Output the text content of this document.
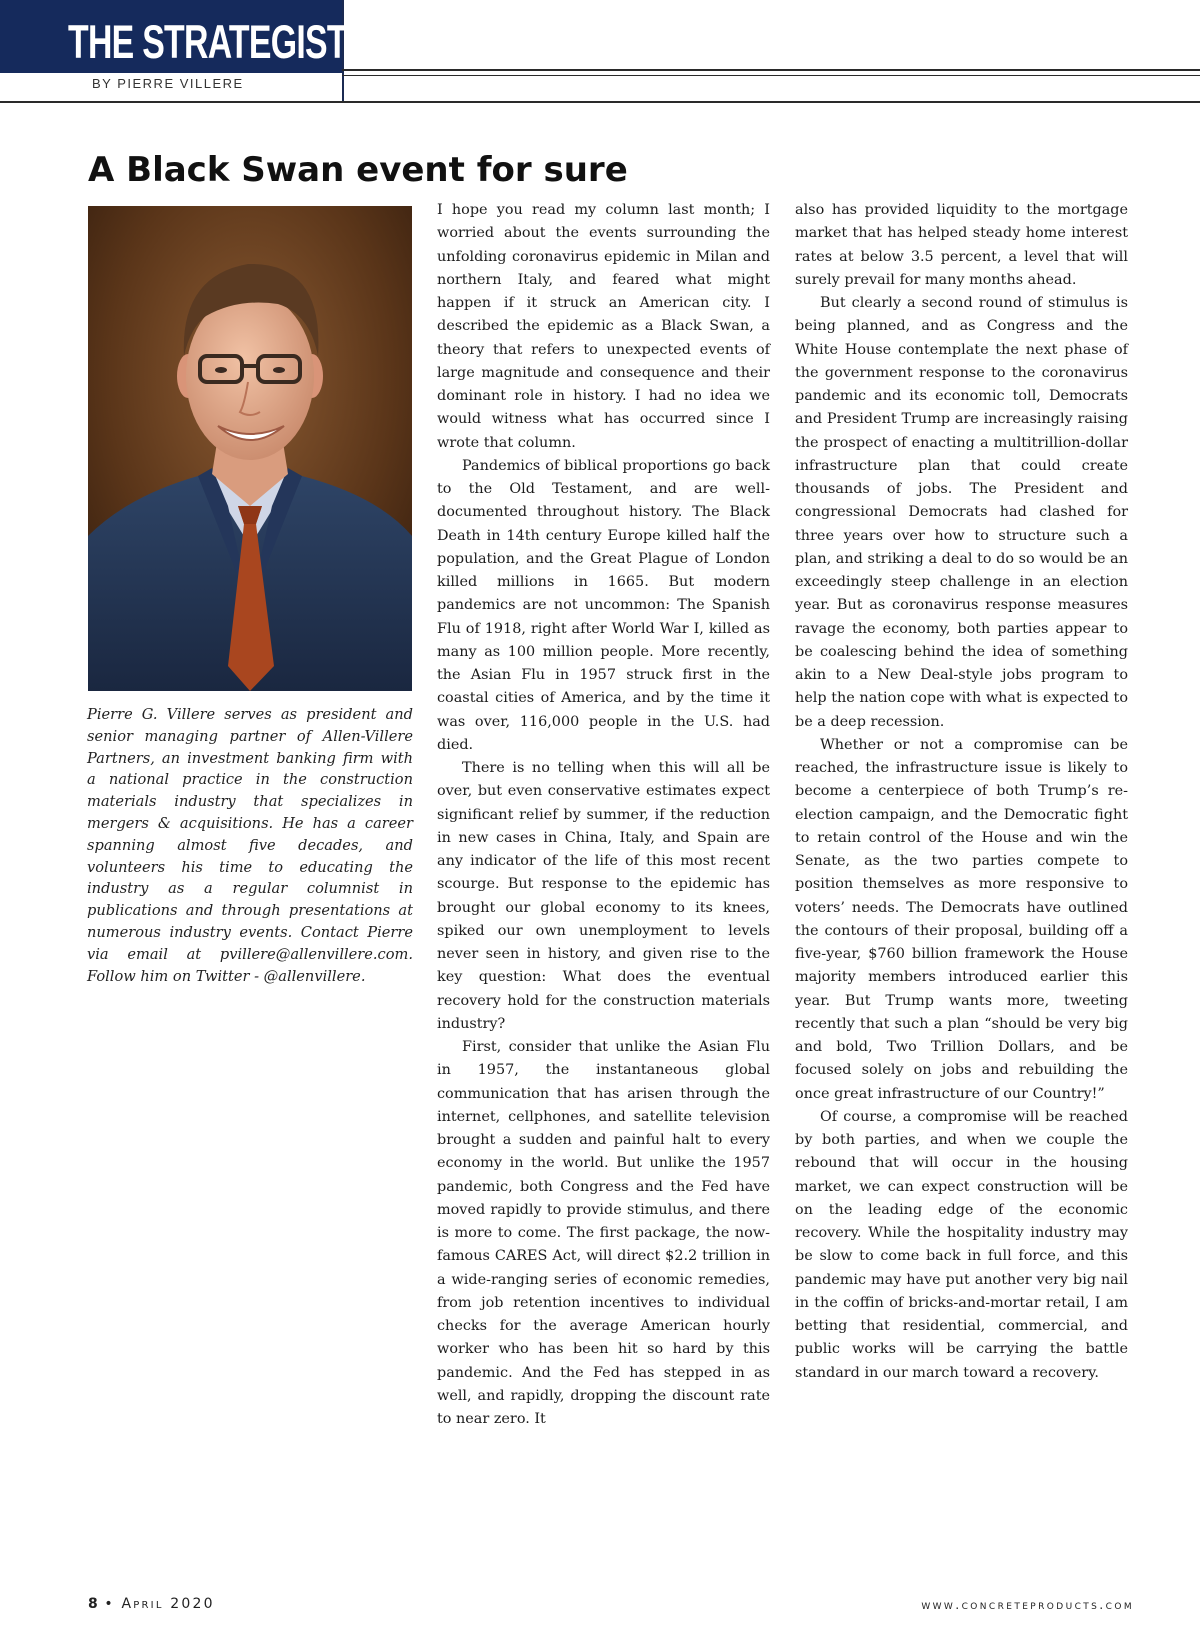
THE STRATEGIST
BY PIERRE VILLERE
A Black Swan event for sure

Pierre G. Villere serves as president and senior managing partner of Allen-Villere Partners, an investment banking firm with a national practice in the construction materials industry that specializes in mergers & acquisitions. He has a career spanning almost five decades, and volunteers his time to educating the industry as a regular columnist in publications and through presentations at numerous industry events. Contact Pierre via email at pvillere@allenvillere.com. Follow him on Twitter - @allenvillere.

I hope you read my column last month; I worried about the events surrounding the unfolding coronavirus epidemic in Milan and northern Italy, and feared what might happen if it struck an American city. I described the epidemic as a Black Swan, a theory that refers to unexpected events of large magnitude and consequence and their dominant role in history. I had no idea we would witness what has occurred since I wrote that column.

Pandemics of biblical proportions go back to the Old Testament, and are well-documented throughout history. The Black Death in 14th century Europe killed half the population, and the Great Plague of London killed millions in 1665. But modern pandemics are not uncommon: The Spanish Flu of 1918, right after World War I, killed as many as 100 million people. More recently, the Asian Flu in 1957 struck first in the coastal cities of America, and by the time it was over, 116,000 people in the U.S. had died.

There is no telling when this will all be over, but even conservative estimates expect significant relief by summer, if the reduction in new cases in China, Italy, and Spain are any indicator of the life of this most recent scourge. But response to the epidemic has brought our global economy to its knees, spiked our own unemployment to levels never seen in history, and given rise to the key question: What does the eventual recovery hold for the construction materials industry?

First, consider that unlike the Asian Flu in 1957, the instantaneous global communication that has arisen through the internet, cellphones, and satellite television brought a sudden and painful halt to every economy in the world. But unlike the 1957 pandemic, both Congress and the Fed have moved rapidly to provide stimulus, and there is more to come. The first package, the now-famous CARES Act, will direct $2.2 trillion in a wide-ranging series of economic remedies, from job retention incentives to individual checks for the average American hourly worker who has been hit so hard by this pandemic. And the Fed has stepped in as well, and rapidly, dropping the discount rate to near zero. It

also has provided liquidity to the mortgage market that has helped steady home interest rates at below 3.5 percent, a level that will surely prevail for many months ahead.

But clearly a second round of stimulus is being planned, and as Congress and the White House contemplate the next phase of the government response to the coronavirus pandemic and its economic toll, Democrats and President Trump are increasingly raising the prospect of enacting a multitrillion-dollar infrastructure plan that could create thousands of jobs. The President and congressional Democrats had clashed for three years over how to structure such a plan, and striking a deal to do so would be an exceedingly steep challenge in an election year. But as coronavirus response measures ravage the economy, both parties appear to be coalescing behind the idea of something akin to a New Deal-style jobs program to help the nation cope with what is expected to be a deep recession.

Whether or not a compromise can be reached, the infrastructure issue is likely to become a centerpiece of both Trump’s re-election campaign, and the Democratic fight to retain control of the House and win the Senate, as the two parties compete to position themselves as more responsive to voters’ needs. The Democrats have outlined the contours of their proposal, building off a five-year, $760 billion framework the House majority members introduced earlier this year. But Trump wants more, tweeting recently that such a plan “should be very big and bold, Two Trillion Dollars, and be focused solely on jobs and rebuilding the once great infrastructure of our Country!”

Of course, a compromise will be reached by both parties, and when we couple the rebound that will occur in the housing market, we can expect construction will be on the leading edge of the economic recovery. While the hospitality industry may be slow to come back in full force, and this pandemic may have put another very big nail in the coffin of bricks-and-mortar retail, I am betting that residential, commercial, and public works will be carrying the battle standard in our march toward a recovery.

8 • April 2020	www.concreteproducts.com
